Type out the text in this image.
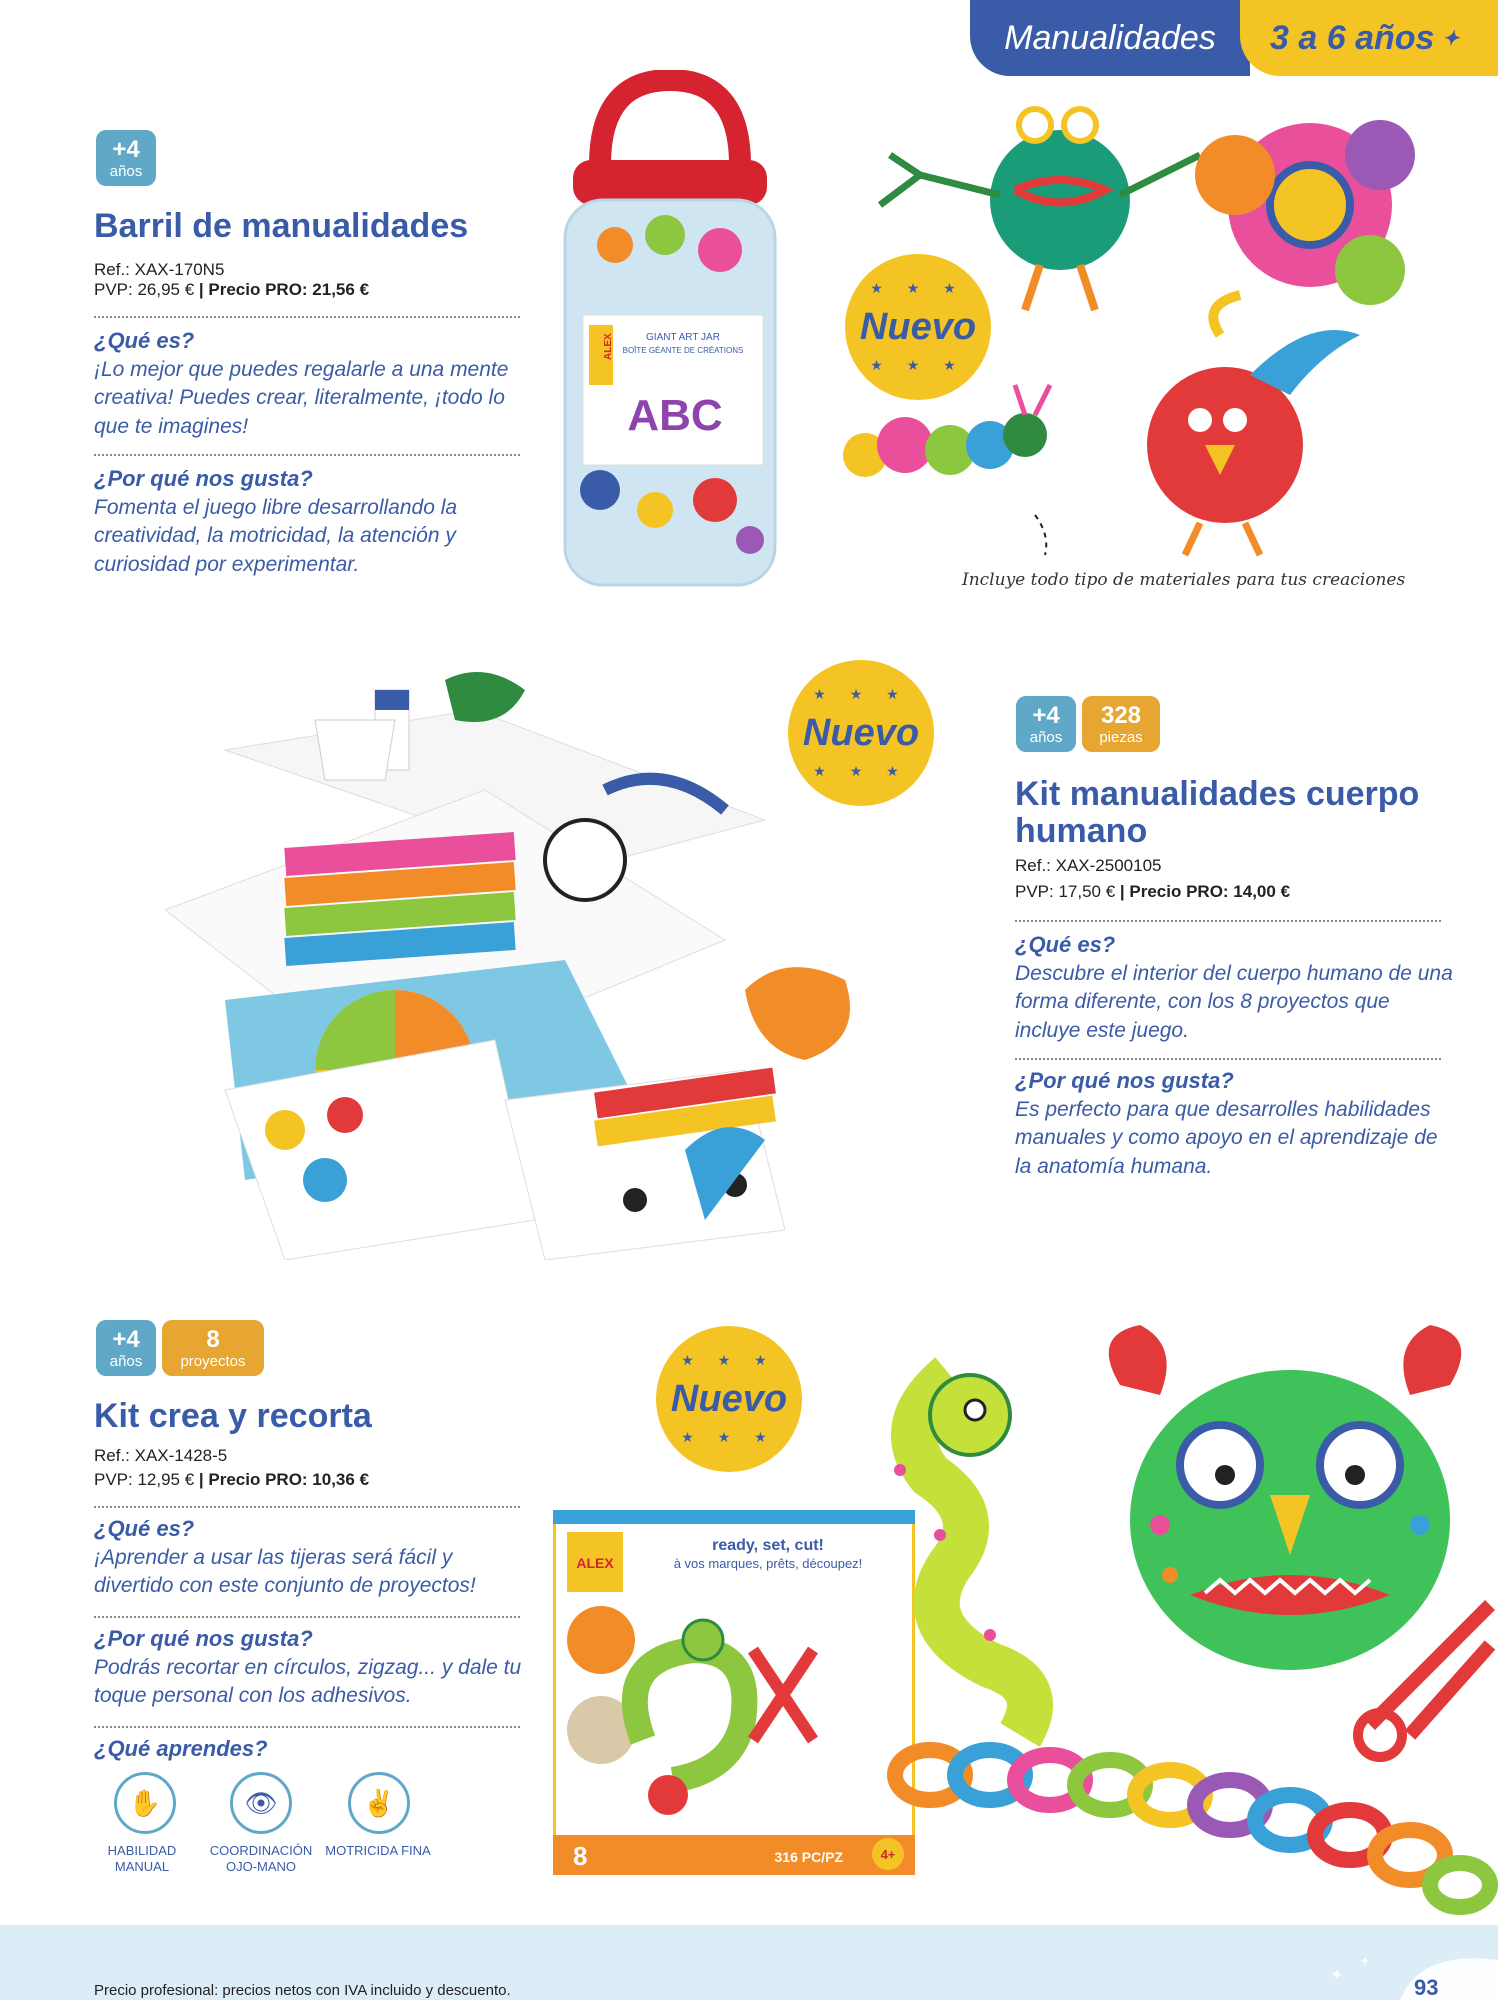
Manualidades 3 a 6 años ✦
+4
años
Barril de manualidades
Ref.: XAX-170N5
PVP: 26,95 € | Precio PRO: 21,56 €
¿Qué es?
¡Lo mejor que puedes regalarle a una mente creativa! Puedes crear, literalmente, ¡todo lo que te imagines!
¿Por qué nos gusta?
Fomenta el juego libre desarrollando la creatividad, la motricidad, la atención y curiosidad por experimentar.
ALEX	GIANT ART JAR
BOÎTE GÉANTE DE CRÉATIONS
ABC
★ ★ ★
Nuevo
★ ★ ★
Incluye todo tipo de materiales para tus creaciones
★ ★ ★
Nuevo
★ ★ ★
+4
años
328
piezas
Kit manualidades cuerpo humano
Ref.: XAX-2500105
PVP: 17,50 € | Precio PRO: 14,00 €
¿Qué es?
Descubre el interior del cuerpo humano de una forma diferente, con los 8 proyectos que incluye este juego.
¿Por qué nos gusta?
Es perfecto para que desarrolles habilidades manuales y como apoyo en el aprendizaje de la anatomía humana.
+4
años
8
proyectos
Kit crea y recorta
Ref.: XAX-1428-5
PVP: 12,95 € | Precio PRO: 10,36 €
¿Qué es?
¡Aprender a usar las tijeras será fácil y divertido con este conjunto de proyectos!
¿Por qué nos gusta?
Podrás recortar en círculos, zigzag... y dale tu toque personal con los adhesivos.
¿Qué aprendes?
✋	👁	✌
HABILIDAD MANUAL
COORDINACIÓN OJO-MANO
MOTRICIDA FINA
★ ★ ★
Nuevo
★ ★ ★
ALEX
ready, set, cut!
à vos marques, prêts, découpez!
8	316 PC/PZ	4+
✦
✦
Precio profesional: precios netos con IVA incluido y descuento.	93
